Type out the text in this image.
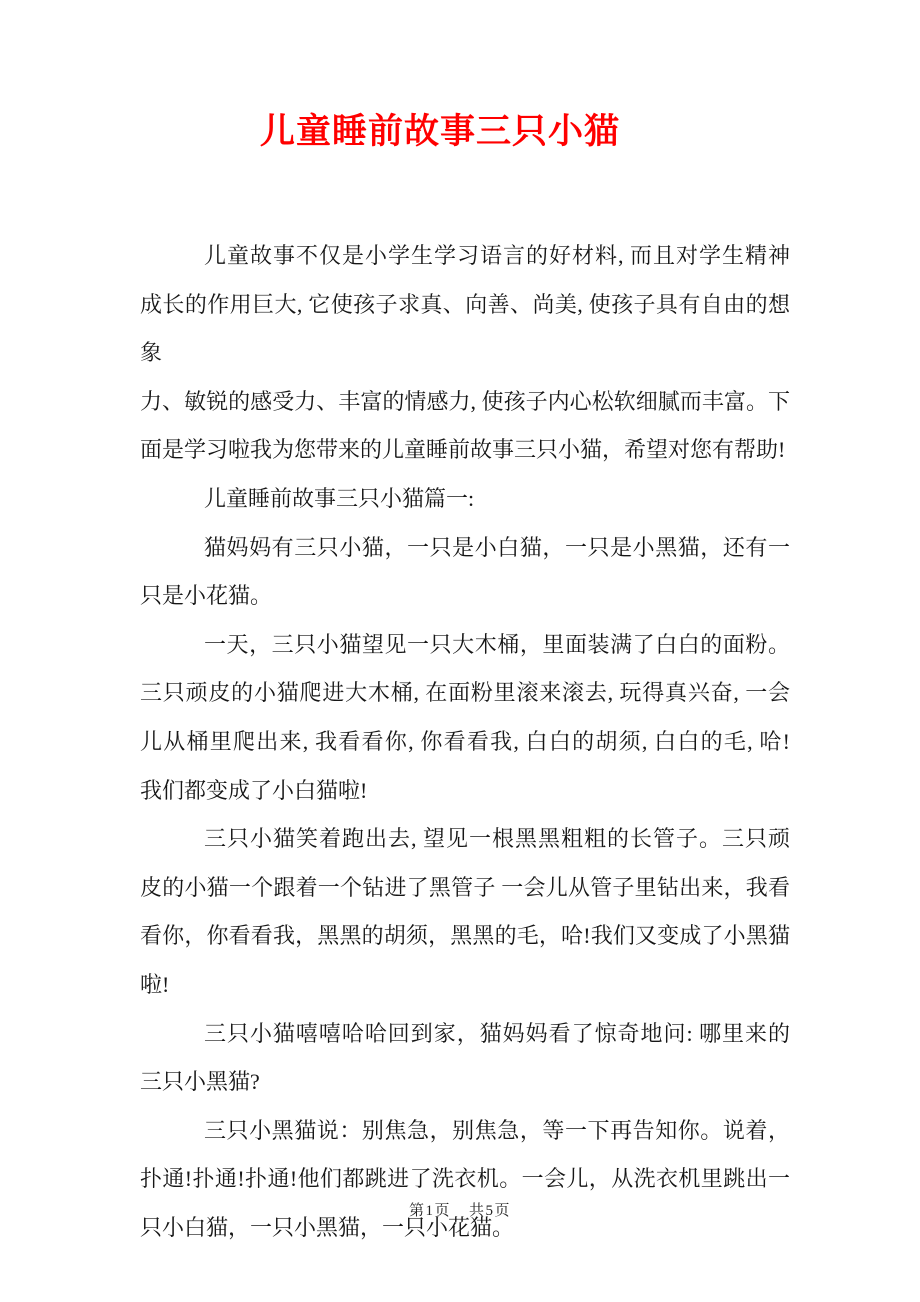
儿童睡前故事三只小猫
儿童故事不仅是小学生学习语言的好材料, 而且对学生精神
成长的作用巨大, 它使孩子求真、向善、尚美, 使孩子具有自由的想象
力、敏锐的感受力、丰富的情感力, 使孩子内心松软细腻而丰富。下
面是学习啦我为您带来的儿童睡前故事三只小猫，希望对您有帮助!
儿童睡前故事三只小猫篇一:
猫妈妈有三只小猫，一只是小白猫，一只是小黑猫，还有一
只是小花猫。
一天，三只小猫望见一只大木桶，里面装满了白白的面粉。
三只顽皮的小猫爬进大木桶, 在面粉里滚来滚去, 玩得真兴奋, 一会
儿从桶里爬出来, 我看看你, 你看看我, 白白的胡须, 白白的毛, 哈!
我们都变成了小白猫啦!
三只小猫笑着跑出去, 望见一根黑黑粗粗的长管子。三只顽
皮的小猫一个跟着一个钻进了黑管子 一会儿从管子里钻出来，我看
看你，你看看我，黑黑的胡须，黑黑的毛，哈!我们又变成了小黑猫
啦!
三只小猫嘻嘻哈哈回到家，猫妈妈看了惊奇地问: 哪里来的
三只小黑猫?
三只小黑猫说：别焦急，别焦急，等一下再告知你。说着，
扑通!扑通!扑通!他们都跳进了洗衣机。一会儿，从洗衣机里跳出一
只小白猫，一只小黑猫，一只小花猫。
第1页 共5页
